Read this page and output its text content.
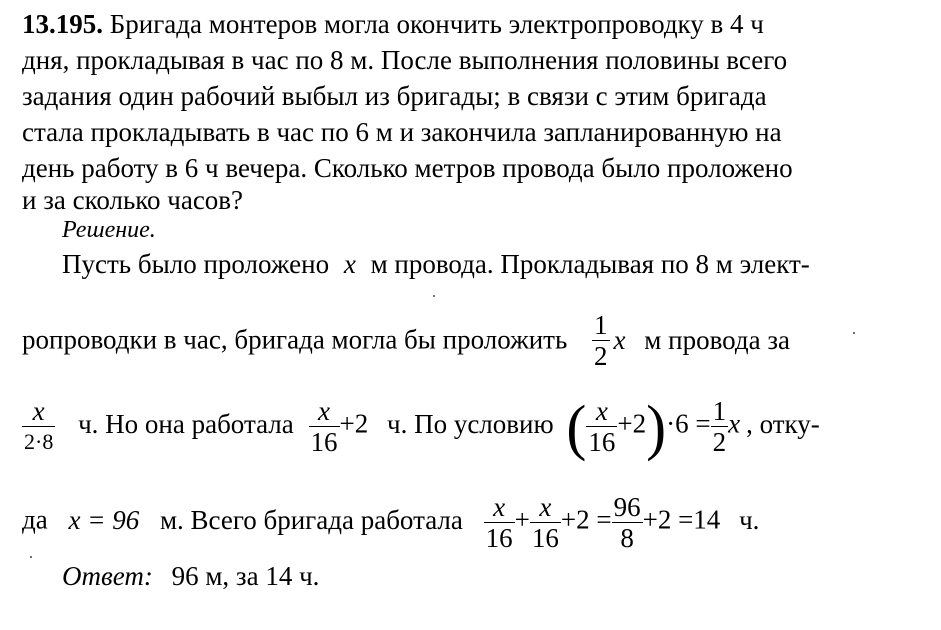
13.195. Бригада монтеров могла окончить электропроводку в 4 ч
дня, прокладывая в час по 8 м. После выполнения половины всего
задания один рабочий выбыл из бригады; в связи с этим бригада
стала прокладывать в час по 6 м и закончила запланированную на
день работу в 6 ч вечера. Сколько метров провода было проложено
и за сколько часов?
Решение.
Пусть было проложено x м провода. Прокладывая по 8 м элект-
ропроводки в час, бригада могла бы проложить $\frac{1}{2}$ x м провода за
$\frac{x}{2\cdot 8} ч$. Но она работала $\frac{x}{16} +2$ ч. По условию ( $\frac{x}{16} +2)\cdot 6 = \frac{1}{2}$ x , отку-
да x = 96 м. Всего бригада работала $\frac{x}{16} + \frac{x}{16} +2 = \frac{96}{8} +2 =14$ ч.
Ответ: 96 м, за 14 ч.
